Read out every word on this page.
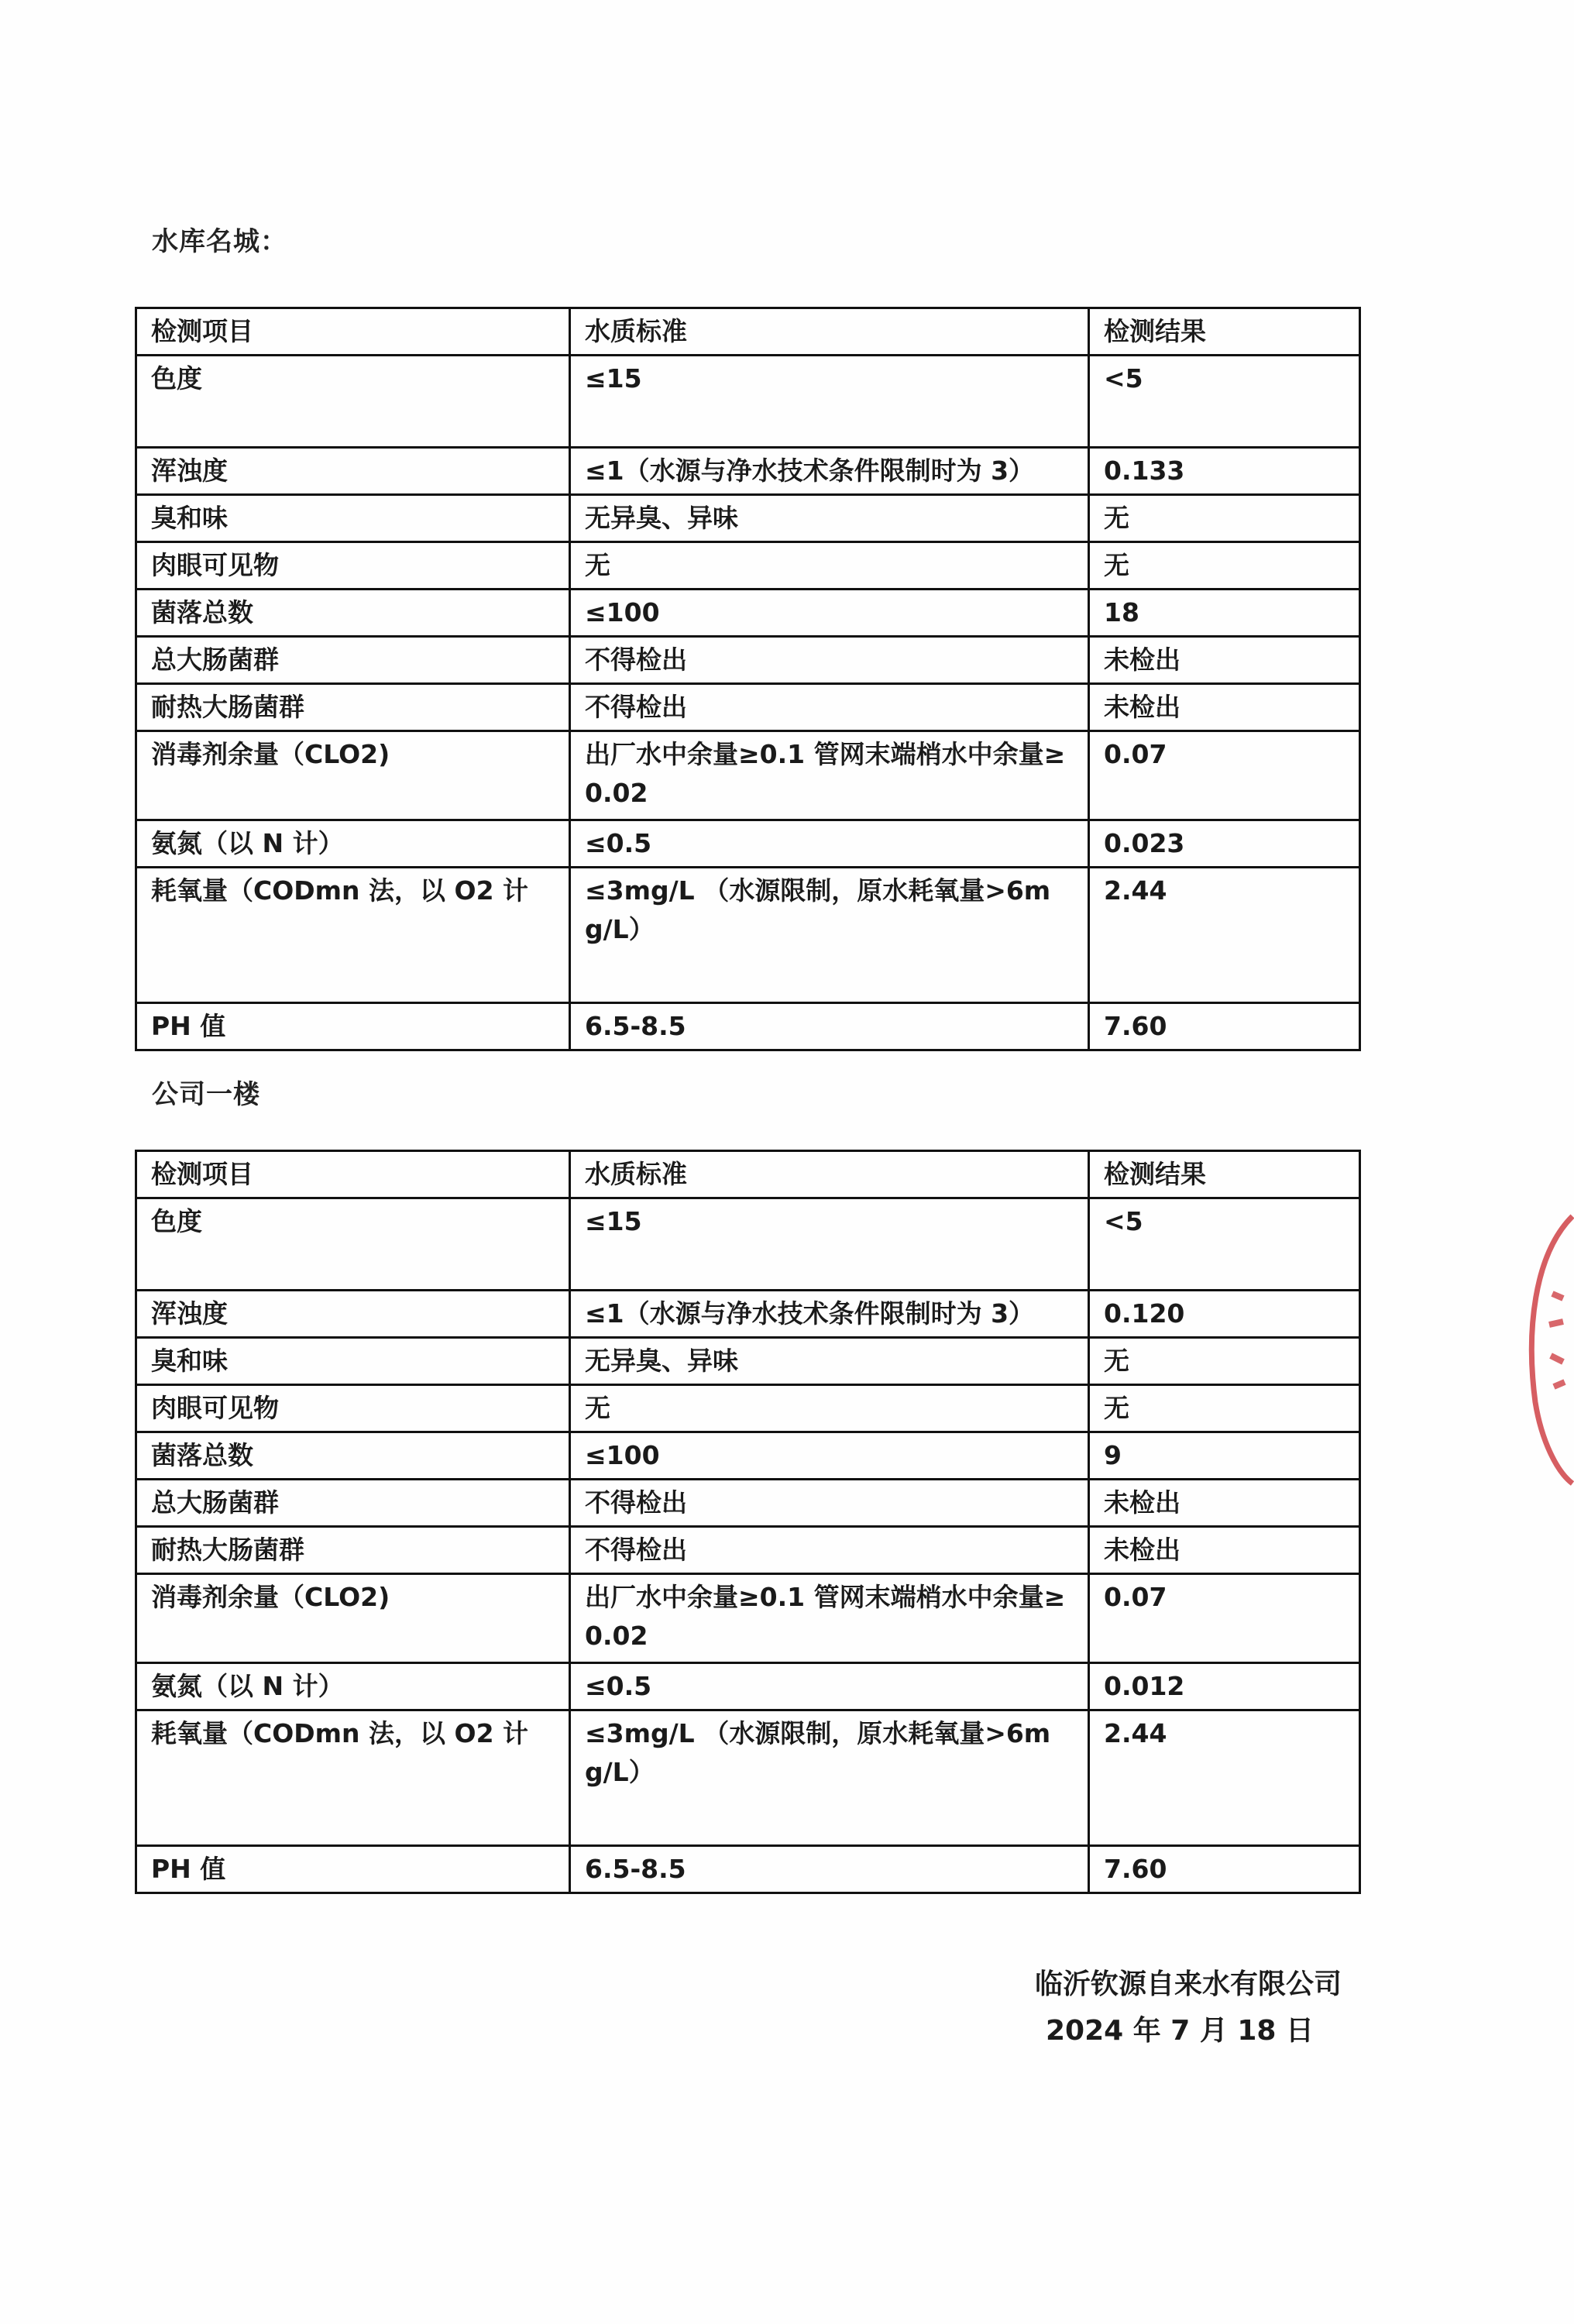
水库名城：
检测项目	水质标准	检测结果
色度	≤15	<5
浑浊度	≤1（水源与净水技术条件限制时为 3）	0.133
臭和味	无异臭、异味	无
肉眼可见物	无	无
菌落总数	≤100	18
总大肠菌群	不得检出	未检出
耐热大肠菌群	不得检出	未检出
消毒剂余量（CLO2)	出厂水中余量≥0.1 管网末端梢水中余量≥0.02	0.07
氨氮（以 N 计）	≤0.5	0.023
耗氧量（CODmn 法，以 O2 计	≤3mg/L （水源限制，原水耗氧量>6mg/L）	2.44
PH 值	6.5-8.5	7.60
公司一楼
检测项目	水质标准	检测结果
色度	≤15	<5
浑浊度	≤1（水源与净水技术条件限制时为 3）	0.120
臭和味	无异臭、异味	无
肉眼可见物	无	无
菌落总数	≤100	9
总大肠菌群	不得检出	未检出
耐热大肠菌群	不得检出	未检出
消毒剂余量（CLO2)	出厂水中余量≥0.1 管网末端梢水中余量≥0.02	0.07
氨氮（以 N 计）	≤0.5	0.012
耗氧量（CODmn 法，以 O2 计	≤3mg/L （水源限制，原水耗氧量>6mg/L）	2.44
PH 值	6.5-8.5	7.60
临沂钦源自来水有限公司
2024 年 7 月 18 日
